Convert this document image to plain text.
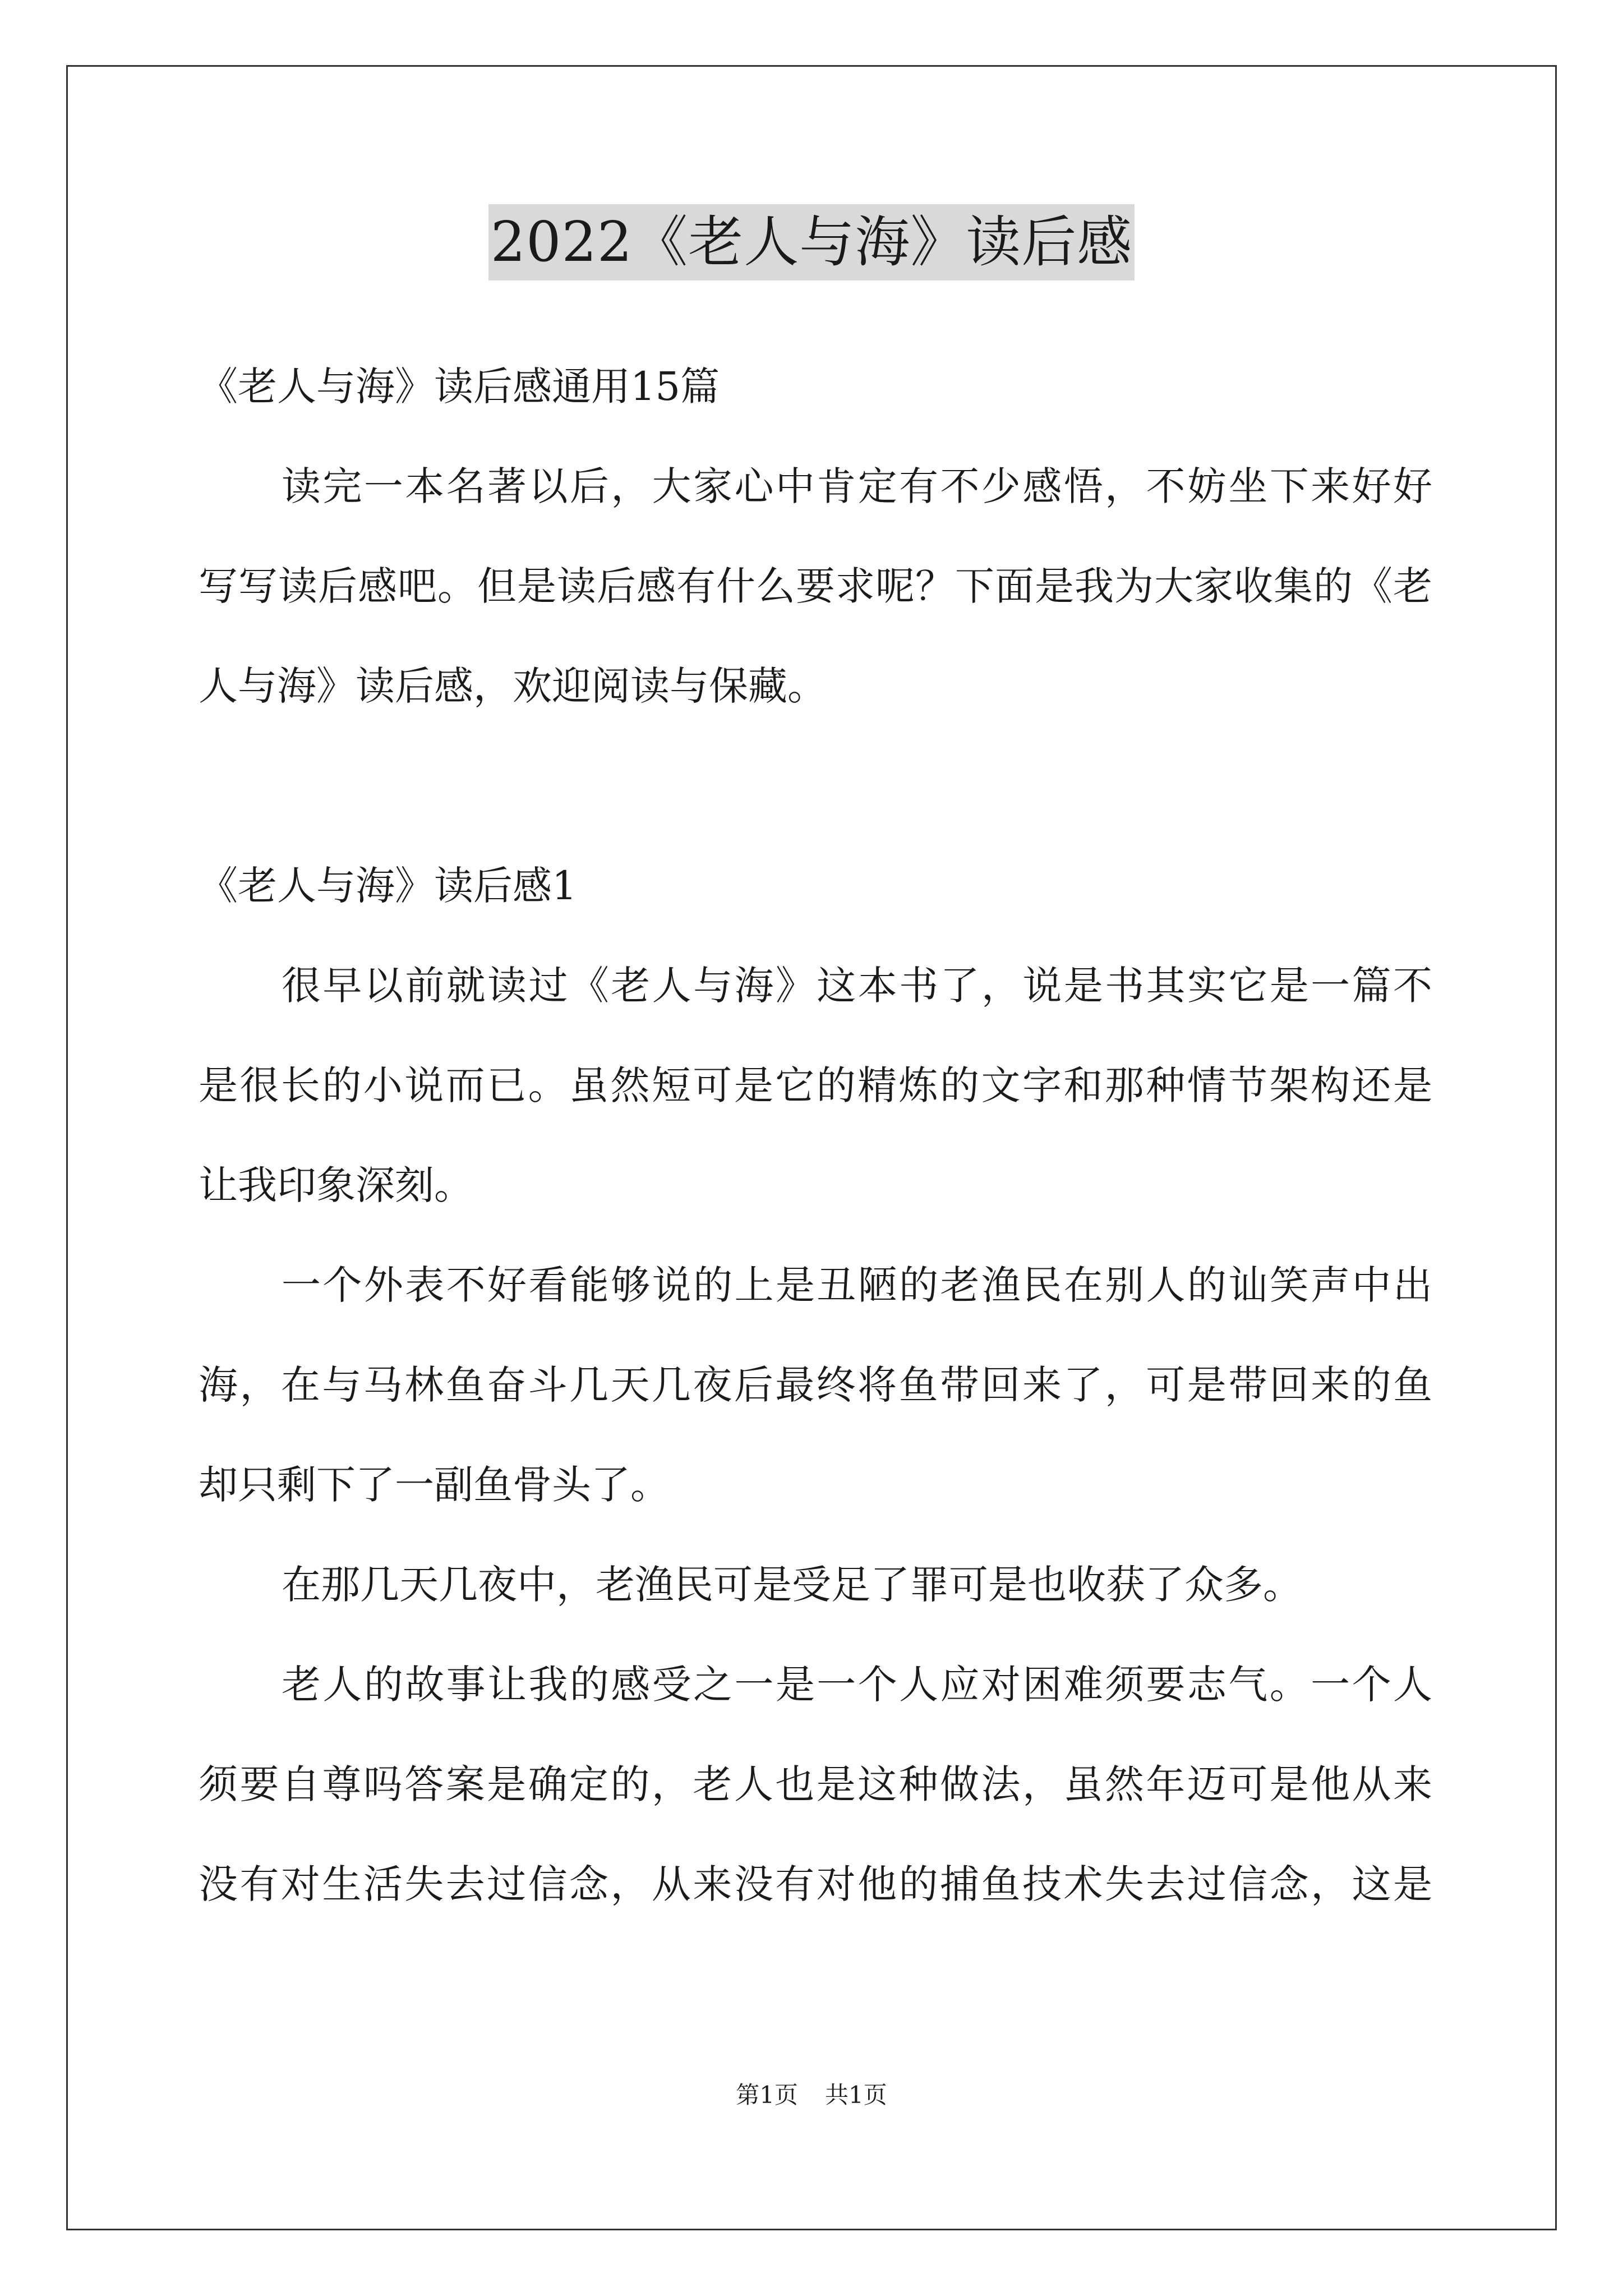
2022《老人与海》读后感
《老人与海》读后感通用15篇
读完一本名著以后，大家心中肯定有不少感悟，不妨坐下来好好
写写读后感吧。但是读后感有什么要求呢？下面是我为大家收集的《老
人与海》读后感，欢迎阅读与保藏。
《老人与海》读后感1
很早以前就读过《老人与海》这本书了，说是书其实它是一篇不
是很长的小说而已。虽然短可是它的精炼的文字和那种情节架构还是
让我印象深刻。
一个外表不好看能够说的上是丑陋的老渔民在别人的讪笑声中出
海，在与马林鱼奋斗几天几夜后最终将鱼带回来了，可是带回来的鱼
却只剩下了一副鱼骨头了。
在那几天几夜中，老渔民可是受足了罪可是也收获了众多。
老人的故事让我的感受之一是一个人应对困难须要志气。一个人
须要自尊吗答案是确定的，老人也是这种做法，虽然年迈可是他从来
没有对生活失去过信念，从来没有对他的捕鱼技术失去过信念，这是
第1页 共1页
